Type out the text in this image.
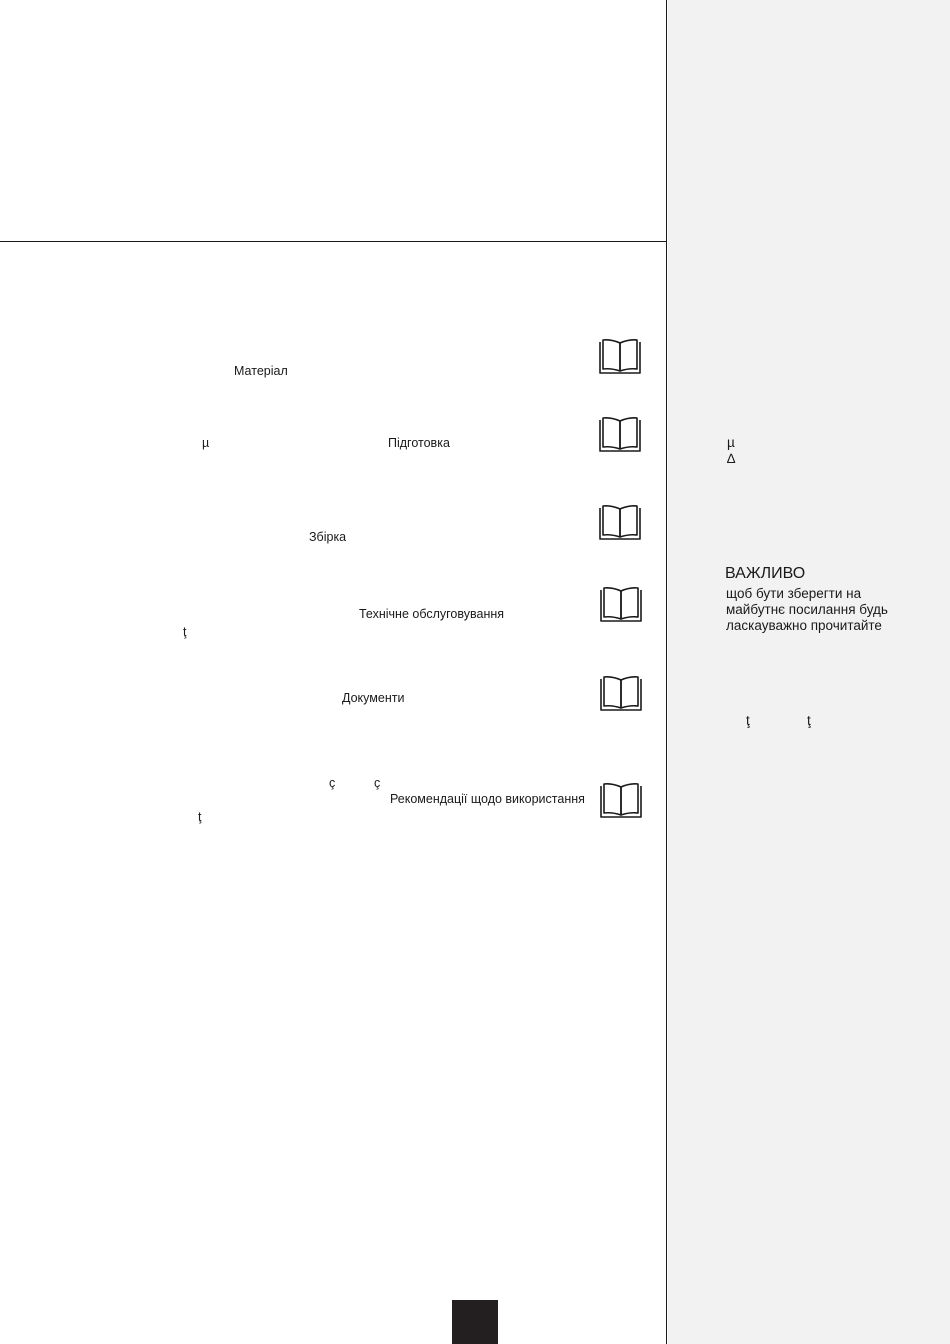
Матеріал
Підготовка
Збірка
Технічне обслуговування
Документи
Рекомендації щодо використання
µ
ţ
ç	ç
ţ
µ
∆
ţ	ţ
ВАЖЛИВО
щоб бути зберегти на
майбутнє посилання будь
ласкауважно прочитайте
